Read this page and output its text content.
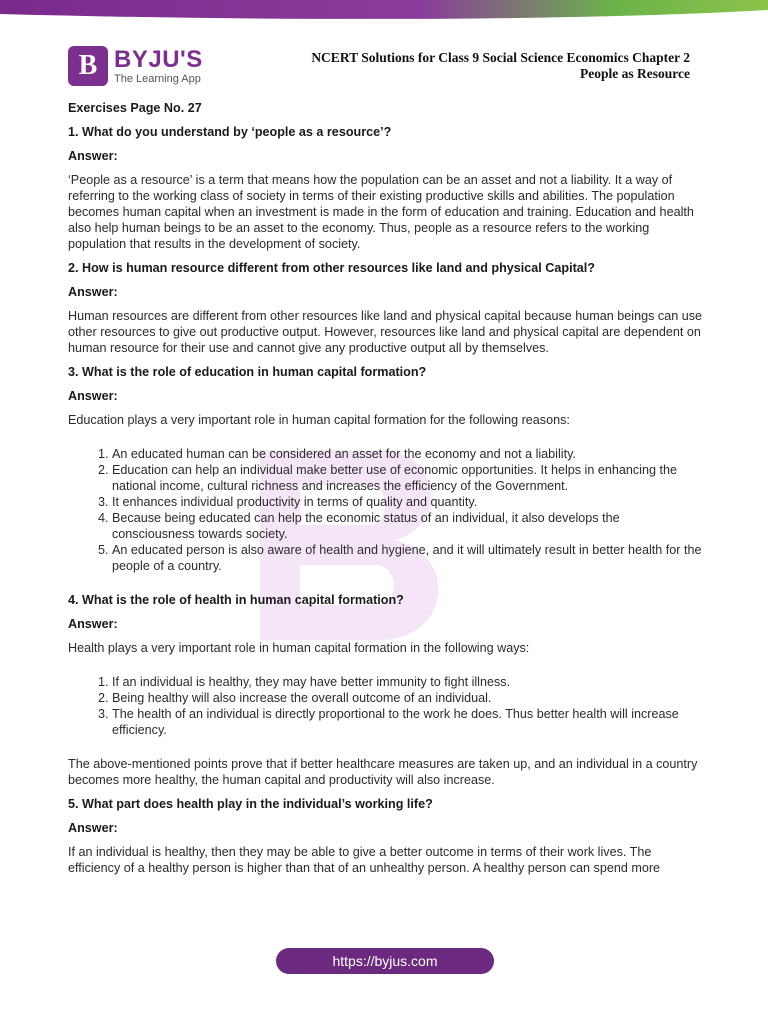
B BYJU'S
The Learning App
NCERT Solutions for Class 9 Social Science Economics Chapter 2
People as Resource

Exercises Page No. 27

1. What do you understand by ‘people as a resource’?

Answer:

‘People as a resource’ is a term that means how the population can be an asset and not a liability. It a way of referring to the working class of society in terms of their existing productive skills and abilities. The population becomes human capital when an investment is made in the form of education and training. Education and health also help human beings to be an asset to the economy. Thus, people as a resource refers to the working population that results in the development of society.

2. How is human resource different from other resources like land and physical Capital?

Answer:

Human resources are different from other resources like land and physical capital because human beings can use other resources to give out productive output. However, resources like land and physical capital are dependent on human resource for their use and cannot give any productive output all by themselves.

3. What is the role of education in human capital formation?

Answer:

Education plays a very important role in human capital formation for the following reasons:

1. An educated human can be considered an asset for the economy and not a liability.
2. Education can help an individual make better use of economic opportunities. It helps in enhancing the national income, cultural richness and increases the efficiency of the Government.
3. It enhances individual productivity in terms of quality and quantity.
4. Because being educated can help the economic status of an individual, it also develops the consciousness towards society.
5. An educated person is also aware of health and hygiene, and it will ultimately result in better health for the people of a country.

4. What is the role of health in human capital formation?

Answer:

Health plays a very important role in human capital formation in the following ways:

1. If an individual is healthy, they may have better immunity to fight illness.
2. Being healthy will also increase the overall outcome of an individual.
3. The health of an individual is directly proportional to the work he does. Thus better health will increase efficiency.

The above-mentioned points prove that if better healthcare measures are taken up, and an individual in a country becomes more healthy, the human capital and productivity will also increase.

5. What part does health play in the individual’s working life?

Answer:

If an individual is healthy, then they may be able to give a better outcome in terms of their work lives. The efficiency of a healthy person is higher than that of an unhealthy person. A healthy person can spend more

https://byjus.com
